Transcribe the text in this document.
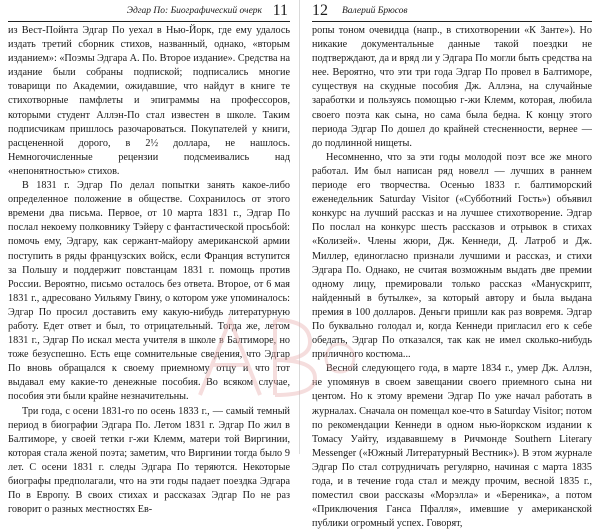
Эдгар По: Биографический очерк 11

из Вест-Пойнта Эдгар По уехал в Нью-Йорк, где ему удалось издать третий сборник стихов, названный, однако, «вторым изданием»: «Поэмы Эдгара А. По. Второе издание». Средства на издание были собраны подпиской; подписались многие товарищи по Академии, ожидавшие, что найдут в книге те стихотворные памфлеты и эпиграммы на профессоров, которыми студент Аллэн-По стал известен в школе. Таким подписчикам пришлось разочароваться. Покупателей у книги, расцененной дорого, в 2½ доллара, не нашлось. Немногочисленные рецензии подсмеивались над «непонятностью» стихов.

В 1831 г. Эдгар По делал попытки занять какое-либо определенное положение в обществе. Сохранилось от этого времени два письма. Первое, от 10 марта 1831 г., Эдгар По послал некоему полковнику Тэйеру с фантастической просьбой: помочь ему, Эдгару, как сержант-майору американской армии поступить в ряды французских войск, если Франция вступится за Польшу и поддержит повстанцам 1831 г. помощь против России. Вероятно, письмо осталось без ответа. Второе, от 6 мая 1831 г., адресовано Уильяму Гвину, о котором уже упоминалось: Эдгар По просил доставить ему какую-нибудь литературную работу. Едет ответ и был, то отрицательный. Тогда же, летом 1831 г., Эдгар По искал места учителя в школе в Балтиморе, но тоже безуспешно. Есть еще сомнительные сведения, что Эдгар По вновь обращался к своему приемному отцу и что тот выдавал ему какие-то денежные пособия. Во всяком случае, пособия эти были крайне незначительны.

Три года, с осени 1831-го по осень 1833 г., — самый темный период в биографии Эдгара По. Летом 1831 г. Эдгар По жил в Балтиморе, у своей тетки г-жи Клемм, матери той Виргинии, которая стала женой поэта; заметим, что Виргинии тогда было 9 лет. С осени 1831 г. следы Эдгара По теряются. Некоторые биографы предполагали, что на эти годы падает поездка Эдгара По в Европу. В своих стихах и рассказах Эдгар По не раз говорит о разных местностях Ев-

12 Валерий Брюсов

ропы тоном очевидца (напр., в стихотворении «К Занте»). Но никакие документальные данные такой поездки не подтверждают, да и вряд ли у Эдгара По могли быть средства на нее. Вероятно, что эти три года Эдгар По провел в Балтиморе, существуя на скудные пособия Дж. Аллэна, на случайные заработки и пользуясь помощью г-жи Клемм, которая, любила своего поэта как сына, но сама была бедна. К концу этого периода Эдгар По дошел до крайней стесненности, вернее — до подлинной нищеты.

Несомненно, что за эти годы молодой поэт все же много работал. Им был написан ряд новелл — лучших в раннем периоде его творчества. Осенью 1833 г. балтиморский еженедельник Saturday Visitor («Субботний Гость») объявил конкурс на лучший рассказ и на лучшее стихотворение. Эдгар По послал на конкурс шесть рассказов и отрывок в стихах «Колизей». Члены жюри, Дж. Кеннеди, Д. Латроб и Дж. Миллер, единогласно признали лучшими и рассказ, и стихи Эдгара По. Однако, не считая возможным выдать две премии одному лицу, премировали только рассказ «Манускрипт, найденный в бутылке», за который автору и была выдана премия в 100 долларов. Деньги пришли как раз вовремя. Эдгар По буквально голодал и, когда Кеннеди пригласил его к себе обедать, Эдгар По отказался, так как не имел сколько-нибудь приличного костюма...

Весной следующего года, в марте 1834 г., умер Дж. Аллэн, не упомянув в своем завещании своего приемного сына ни центом. Но к этому времени Эдгар По уже начал работать в журналах. Сначала он помещал кое-что в Saturday Visitor; потом по рекомендации Кеннеди в одном нью-йоркском издании к Томасу Уайту, издававшему в Ричмонде Southern Literary Messenger («Южный Литературный Вестник»). В этом журнале Эдгар По стал сотрудничать регулярно, начиная с марта 1835 года, и в течение года стал и между прочим, весной 1835 г., поместил свои рассказы «Морэлла» и «Береника», а потом «Приключения Ганса Пфалля», имевшие у американской публики огромный успех. Говорят,
